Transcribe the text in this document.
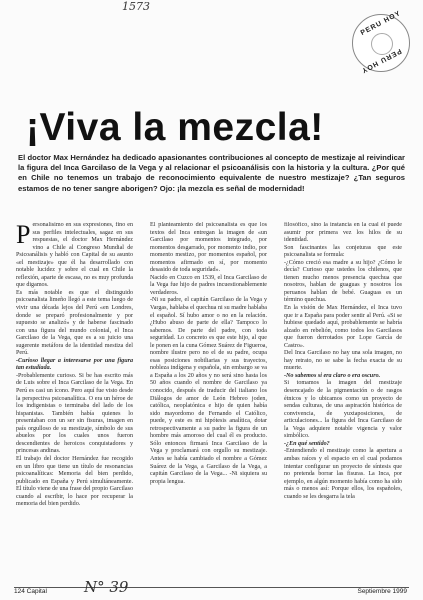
1573
PERU HOY
PERU HOY
¡Viva la mezcla!
El doctor Max Hernández ha dedicado apasionantes contribuciones al concepto de mestizaje al reivindicar la figura del Inca Garcilaso de la Vega y al relacionar el psicoanálisis con la historia y la cultura. ¿Por qué en Chile no tenemos un trabajo de reconocimiento equivalente de nuestro mestizaje? ¿Tan seguros estamos de no tener sangre aborigen? Ojo: ¡la mezcla es señal de modernidad!

Personalísimo en sus expresiones, fino en sus perfiles intelectuales, sagaz en sus respuestas, el doctor Max Hernández vino a Chile al Congreso Mundial de Psicoanálisis y habló con Capital de su asunto «el mestizaje» que él ha desarrollado con notable lucidez y sobre el cual en Chile la reflexión, aparte de escasa, no es muy profunda que digamos.

Es más notable es que el distinguido psicoanalista limeño llegó a este tema luego de vivir una década lejos del Perú «en Londres, donde se preparó profesionalmente y por supuesto se analizó» y de haberse fascinado con una figura del mundo colonial, el Inca Garcilaso de la Vega, que es a su juicio una sugerente metáfora de la identidad mestiza del Perú.

-Curioso llegar a interesarse por una figura tan estudiada.

-Probablemente curioso. Si be has escrito más de Luis sobre el Inca Garcilaso de la Vega. En Perú es casi un ícono. Pero aquí fue visto desde la perspectiva psicoanalítica. O era un héroe de los indigenistas o terminaba del lado de los hispanistas. También había quienes lo presentaban con un ser sin fisuras, imagen en país orgulloso de su mestizaje, símbolo de sus abuelos por los cuales unos fueron descendientes de heroicos conquistadores y princesas andinas.

El trabajo del doctor Hernández fue recogido en un libro que tiene un título de resonancias psicoanalíticas: Memoria del bien perdido, publicado en España y Perú simultáneamente. El título viene de una frase del propio Garcilaso cuando al escribir, lo hace por recuperar la memoria del bien perdido.

El planteamiento del psicoanalista es que los textos del Inca entregan la imagen de «un Garcilaso por momentos integrado, por momentos desgarrado, por momento indio, por momento mestizo, por momentos español, por momentos afirmado en sí, por momento desasido de toda seguridad».

Nacido en Cuzco en 1539, el Inca Garcilaso de la Vega fue hijo de padres incuestionablemente verdaderos.

-Ni su padre, el capitán Garcilaso de la Vega y Vargas, hablaba el quechua ni su madre hablaba el español. Sí hubo amor o no en la relación. ¿Hubo abuso de parte de ella? Tampoco lo sabemos. De parte del padre, con toda seguridad. Lo concreto es que este hijo, al que le ponen en la cuna Gómez Suárez de Figueroa, nombre ilustre pero no el de su padre, ocupa esas posiciones nobiliarias y sus trayectos, nobleza indígena y española, sin embargo se va a España a los 20 años y no será sino hasta los 50 años cuando el nombre de Garcilaso ya conocido, después de traducir del italiano los Diálogos de amor de León Hebreo joden, católica, neoplatónica e hijo de quien había sido mayordomo de Fernando el Católico, puede, y este es mi hipótesis analítica, dotar retrospectivamente a su padre la figura de un hombre más amoroso del cual él es producto. Sólo entonces firmará Inca Garcilaso de la Vega y proclamará con orgullo su mestizaje. Antes se había cambiado el nombre a Gómez Suárez de la Vega, a Garcilaso de la Vega, a capitán Garcilaso de la Vega... -Ni siquiera su propia lengua.

filosófico, sino la instancia en la cual él puede asumir por primera vez los hilos de su identidad.

Son fascinantes las conjeturas que este psicoanalista se formula:

-¿Cómo creció esa madre a su hijo? ¿Cómo le decía? Curioso que ustedes los chilenos, que tienen mucho menos presencia quechua que nosotros, hablan de guaguas y nosotros los peruanos hablan de bebé. Guaguas es un término quechua.

En la visión de Max Hernández, el Inca tuvo que ir a España para poder sentir al Perú. «Si se hubiese quedado aquí, probablemente se habría alzado en rebelión, como todos los Garcilasos que fueron derrotados por Lope García de Castro».

Del Inca Garcilaso no hay una sola imagen, no hay retrato, no se sabe la fecha exacta de su muerte.

-No sabemos si era claro o era oscuro.

Si tomamos la imagen del mestizaje desencajado de la pigmentación o de rasgos étnicos y lo ubicamos como un proyecto de sendas culturas, de una aspiración histórica de convivencia, de yuxtaposiciones, de articulaciones... la figura del Inca Garcilaso de la Vega adquiere notable vigencia y valor simbólico.

-¿En qué sentido?

-Entendiendo el mestizaje como la apertura a ambas raíces y el espacio en el cual podamos intentar configurar un proyecto de síntesis que no pretenda borrar las fisuras. La Inca, por ejemplo, en algún momento había como ha sido más o menos así: Porque ellos, los españoles, cuando se les desgarra la tela

124 Capital N° 39	Septiembre 1999
